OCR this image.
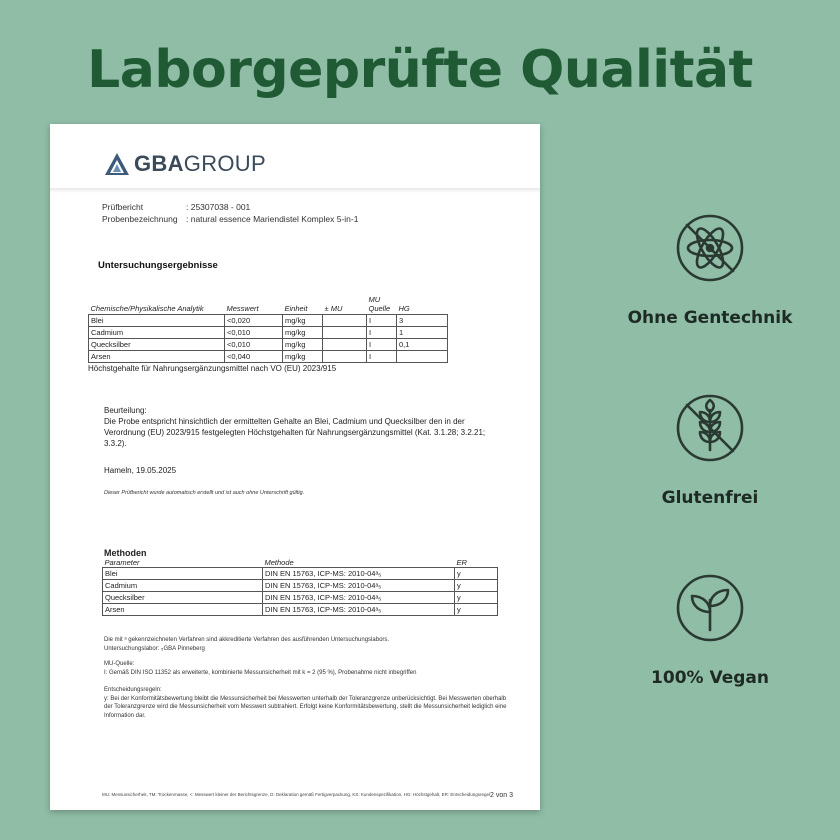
Laborgeprüfte Qualität
GBAGROUP
Prüfbericht	: 25307038 - 001
Probenbezeichnung : natural essence Mariendistel Komplex 5-in-1
Untersuchungsergebnisse
Chemische/Physikalische Analytik	Messwert	Einheit	± MU	MU Quelle	HG
Blei	<0,020	mg/kg		I	3
Cadmium	<0,010	mg/kg		I	1
Quecksilber	<0,010	mg/kg		I	0,1
Arsen	<0,040	mg/kg		I	
Höchstgehalte für Nahrungsergänzungsmittel nach VO (EU) 2023/915
Beurteilung:
Die Probe entspricht hinsichtlich der ermittelten Gehalte an Blei, Cadmium und Quecksilber den in der Verordnung (EU) 2023/915 festgelegten Höchstgehalten für Nahrungsergänzungsmittel (Kat. 3.1.28; 3.2.21; 3.3.2).
Hameln, 19.05.2025
Dieser Prüfbericht wurde automatisch erstellt und ist auch ohne Unterschrift gültig.
Methoden
Parameter	Methode	ER
Blei	DIN EN 15763, ICP-MS: 2010-04ᵃ₅	y
Cadmium	DIN EN 15763, ICP-MS: 2010-04ᵃ₅	y
Quecksilber	DIN EN 15763, ICP-MS: 2010-04ᵃ₅	y
Arsen	DIN EN 15763, ICP-MS: 2010-04ᵃ₅	y
Die mit ᵃ gekennzeichneten Verfahren sind akkreditierte Verfahren des ausführenden Untersuchungslabors.
Untersuchungslabor: ₅GBA Pinneberg
MU-Quelle:
I: Gemäß DIN ISO 11352 als erweiterte, kombinierte Messunsicherheit mit k = 2 (95 %), Probenahme nicht inbegriffen
Entscheidungsregeln:
y: Bei der Konformitätsbewertung bleibt die Messunsicherheit bei Messwerten unterhalb der Toleranzgrenze unberücksichtigt. Bei Messwerten oberhalb der Toleranzgrenze wird die Messunsicherheit vom Messwert subtrahiert. Erfolgt keine Konformitätsbewertung, stellt die Messunsicherheit lediglich eine Information dar.
MU: Messunsicherheit, TM: Trockenmasse, <: Messwert kleiner der Berichtsgrenze, D: Deklaration gemäß Fertigverpackung, KS: Kundenspezifikation, HG: Höchstgehalt, ER: Entscheidungsregel 2 von 3
Ohne Gentechnik
Glutenfrei
100% Vegan
